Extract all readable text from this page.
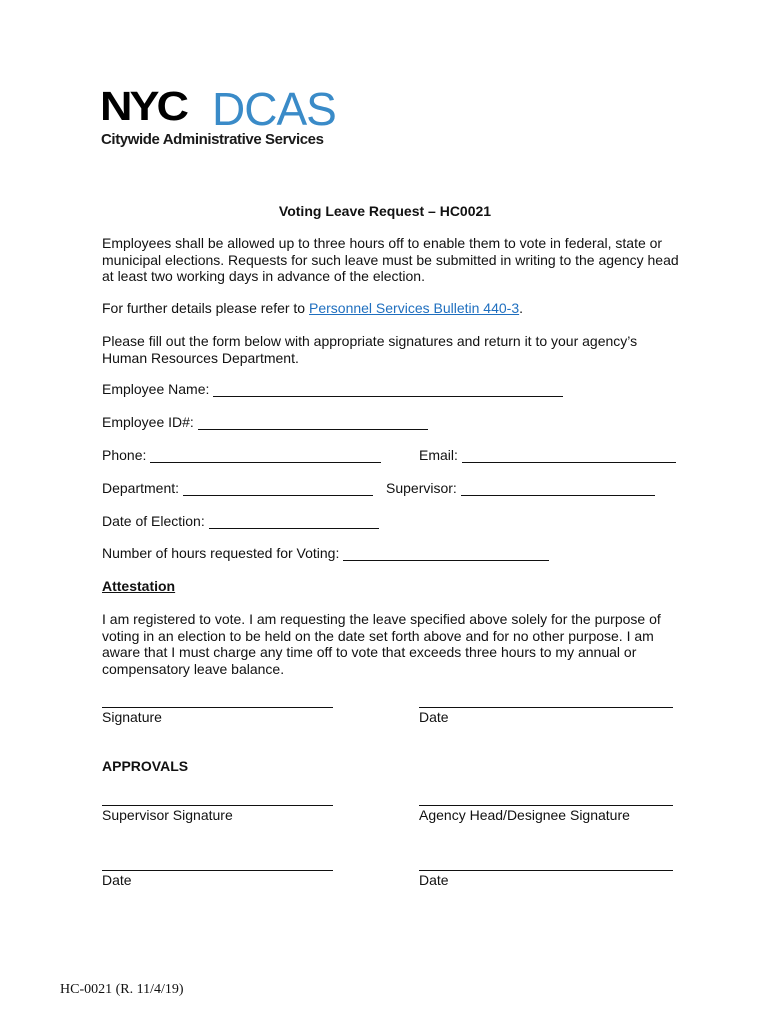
NYC DCAS
Citywide Administrative Services
Voting Leave Request – HC0021
Employees shall be allowed up to three hours off to enable them to vote in federal, state or municipal elections. Requests for such leave must be submitted in writing to the agency head at least two working days in advance of the election.
For further details please refer to Personnel Services Bulletin 440-3.
Please fill out the form below with appropriate signatures and return it to your agency’s Human Resources Department.
Employee Name:
Employee ID#:
Phone:	Email:
Department:	Supervisor:
Date of Election:
Number of hours requested for Voting:
Attestation
I am registered to vote. I am requesting the leave specified above solely for the purpose of voting in an election to be held on the date set forth above and for no other purpose. I am aware that I must charge any time off to vote that exceeds three hours to my annual or compensatory leave balance.
Signature	Date
APPROVALS
Supervisor Signature	Agency Head/Designee Signature
Date	Date
HC-0021 (R. 11/4/19)
